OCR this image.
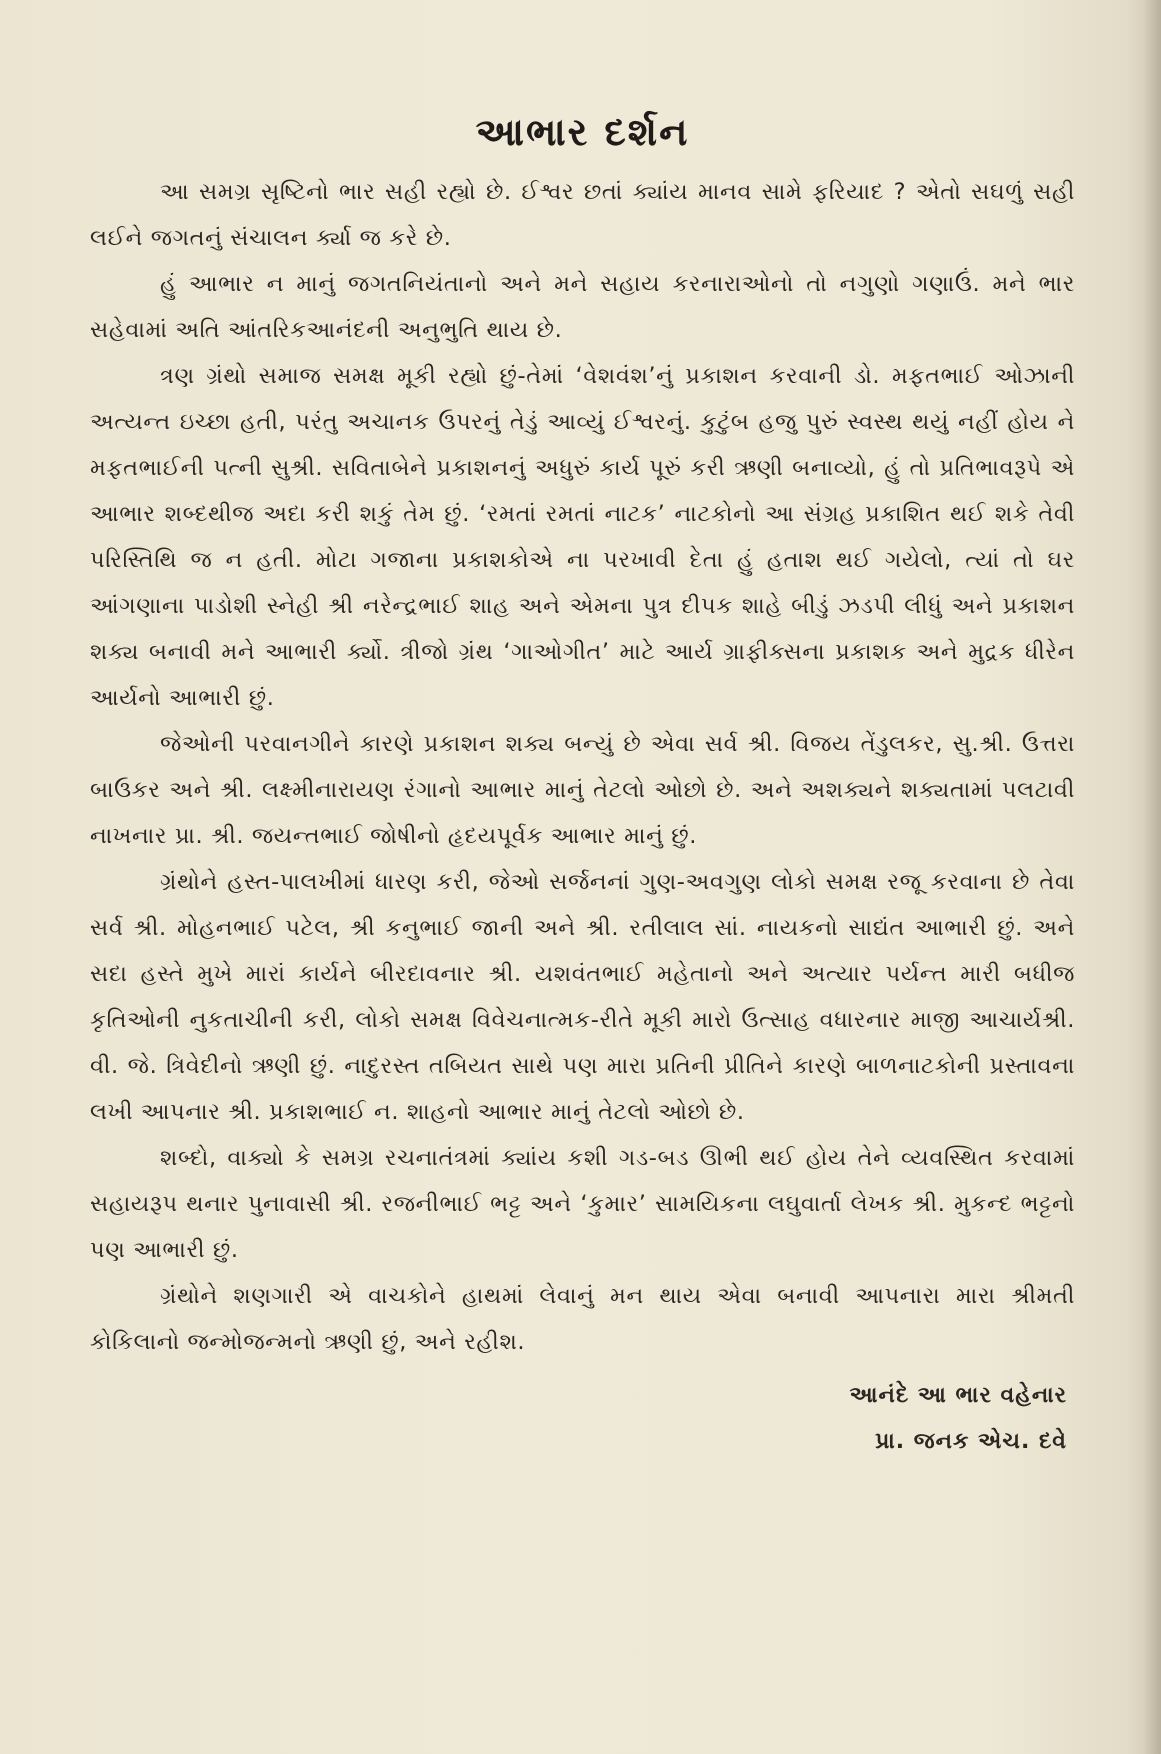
આભાર દર્શન

આ સમગ્ર સૃષ્ટિનો ભાર સહી રહ્યો છે. ઈશ્વર છતાં ક્યાંય માનવ સામે ફરિયાદ ? એતો સઘળું સહી લઈને જગતનું સંચાલન ર્ક્યા જ કરે છે.

હું આભાર ન માનું જગતનિયંતાનો અને મને સહાય કરનારાઓનો તો નગુણો ગણાઉં. મને ભાર સહેવામાં અતિ આંતરિકઆનંદની અનુભુતિ થાય છે.

ત્રણ ગ્રંથો સમાજ સમક્ષ મૂકી રહ્યો છું-તેમાં ‘વેશવંશ’નું પ્રકાશન કરવાની ડો. મફતભાઈ ઓઝાની અત્યન્ત ઇચ્છા હતી, પરંતુ અચાનક ઉપરનું તેડું આવ્યું ઈશ્વરનું. કુટુંબ હજુ પુરું સ્વસ્થ થયું નહીં હોય ને મફતભાઈની પત્ની સુશ્રી. સવિતાબેને પ્રકાશનનું અધુરું કાર્ય પૂરું કરી ઋણી બનાવ્યો, હું તો પ્રતિભાવરૂપે એ આભાર શબ્દથીજ અદા કરી શકું તેમ છું. ‘રમતાં રમતાં નાટક’ નાટકોનો આ સંગ્રહ પ્રકાશિત થઈ શકે તેવી પરિસ્તિથિ જ ન હતી. મોટા ગજાના પ્રકાશકોએ ના પરખાવી દેતા હું હતાશ થઈ ગયેલો, ત્યાં તો ઘર આંગણાના પાડોશી સ્નેહી શ્રી નરેન્દ્રભાઈ શાહ અને એમના પુત્ર દીપક શાહે બીડું ઝડપી લીધું અને પ્રકાશન શક્ય બનાવી મને આભારી ર્ક્યો. ત્રીજો ગ્રંથ ‘ગાઓગીત’ માટે આર્ય ગ્રાફીક્સના પ્રકાશક અને મુદ્રક ધીરેન આર્યનો આભારી છું.

જેઓની પરવાનગીને કારણે પ્રકાશન શક્ય બન્યું છે એવા સર્વ શ્રી. વિજય તેંડુલકર, સુ.શ્રી. ઉત્તરા બાઉકર અને શ્રી. લક્ષ્મીનારાયણ રંગાનો આભાર માનું તેટલો ઓછો છે. અને અશક્યને શક્યતામાં પલટાવી નાખનાર પ્રા. શ્રી. જયન્તભાઈ જોષીનો હૃદયપૂર્વક આભાર માનું છું.

ગ્રંથોને હસ્ત-પાલખીમાં ધારણ કરી, જેઓ સર્જનનાં ગુણ-અવગુણ લોકો સમક્ષ રજૂ કરવાના છે તેવા સર્વ શ્રી. મોહનભાઈ પટેલ, શ્રી કનુભાઈ જાની અને શ્રી. રતીલાલ સાં. નાયકનો સાદ્યંત આભારી છું. અને સદા હસ્તે મુખે મારાં કાર્યને બીરદાવનાર શ્રી. યશવંતભાઈ મહેતાનો અને અત્યાર પર્યન્ત મારી બધીજ કૃતિઓની નુકતાચીની કરી, લોકો સમક્ષ વિવેચનાત્મક-રીતે મૂકી મારો ઉત્સાહ વધારનાર માજી આચાર્યશ્રી. વી. જે. ત્રિવેદીનો ઋણી છું. નાદુરસ્ત તબિયત સાથે પણ મારા પ્રતિની પ્રીતિને કારણે બાળનાટકોની પ્રસ્તાવના લખી આપનાર શ્રી. પ્રકાશભાઈ ન. શાહનો આભાર માનું તેટલો ઓછો છે.

શબ્દો, વાક્યો કે સમગ્ર રચનાતંત્રમાં ક્યાંય કશી ગડ-બડ ઊભી થઈ હોય તેને વ્યવસ્થિત કરવામાં સહાયરૂપ થનાર પુનાવાસી શ્રી. રજનીભાઈ ભટ્ટ અને ‘કુમાર’ સામયિકના લઘુવાર્તા લેખક શ્રી. મુકન્દ ભટ્ટનો પણ આભારી છું.

ગ્રંથોને શણગારી એ વાચકોને હાથમાં લેવાનું મન થાય એવા બનાવી આપનારા મારા શ્રીમતી કોકિલાનો જન્મોજન્મનો ઋણી છું, અને રહીશ.

આનંદે આ ભાર વહેનાર
પ્રા. જનક એચ. દવે
